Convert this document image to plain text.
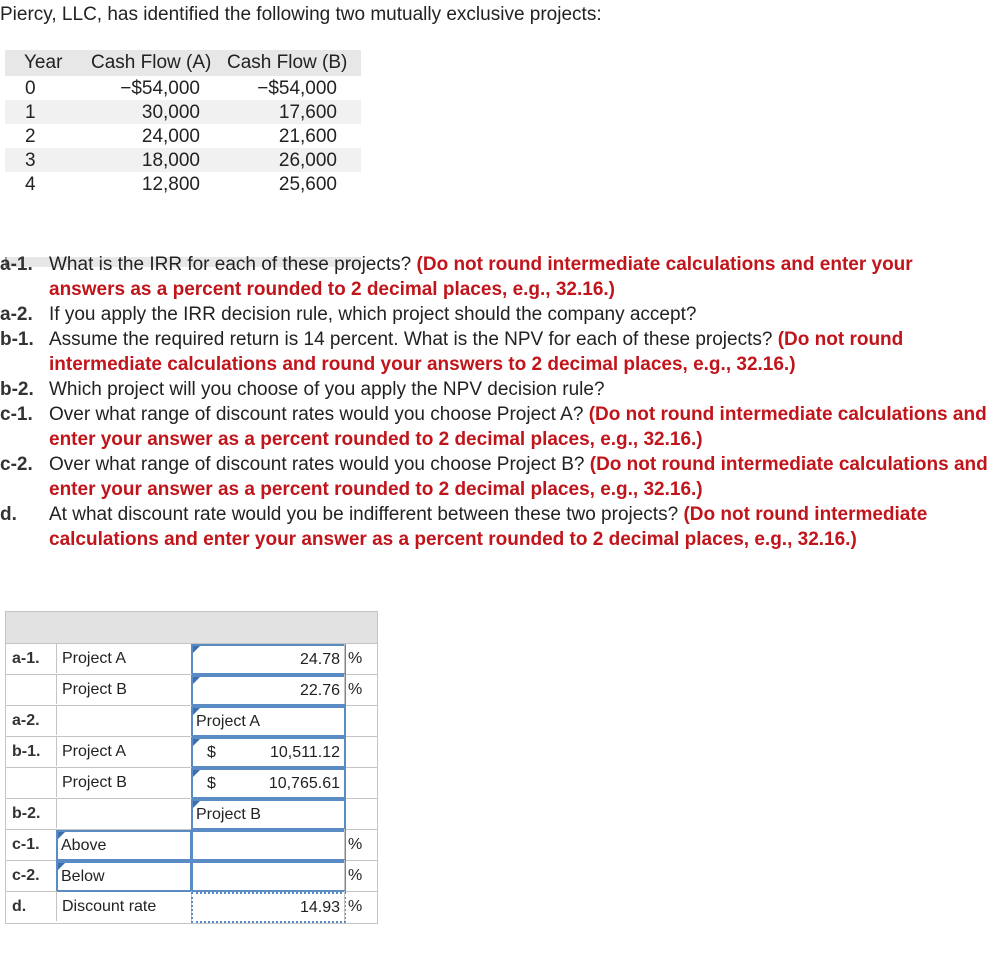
Piercy, LLC, has identified the following two mutually exclusive projects:
Year Cash Flow (A) Cash Flow (B)
0	−$54,000	−$54,000
1	30,000	17,600
2	24,000	21,600
3	18,000	26,000
4	12,800	25,600
a-1. What is the IRR for each of these projects? (Do not round intermediate calculations and enter your answers as a percent rounded to 2 decimal places, e.g., 32.16.)
a-2. If you apply the IRR decision rule, which project should the company accept?
b-1. Assume the required return is 14 percent. What is the NPV for each of these projects? (Do not round intermediate calculations and round your answers to 2 decimal places, e.g., 32.16.)
b-2. Which project will you choose of you apply the NPV decision rule?
c-1. Over what range of discount rates would you choose Project A? (Do not round intermediate calculations and enter your answer as a percent rounded to 2 decimal places, e.g., 32.16.)
c-2. Over what range of discount rates would you choose Project B? (Do not round intermediate calculations and enter your answer as a percent rounded to 2 decimal places, e.g., 32.16.)
d. At what discount rate would you be indifferent between these two projects? (Do not round intermediate calculations and enter your answer as a percent rounded to 2 decimal places, e.g., 32.16.)
a-1. Project A	24.78 %
Project B	22.76 %
a-2.	Project A
b-1. Project A	$	10,511.12
Project B	$	10,765.61
b-2.	Project B
c-1. Above	%
c-2. Below	%
d. Discount rate	14.93 %
